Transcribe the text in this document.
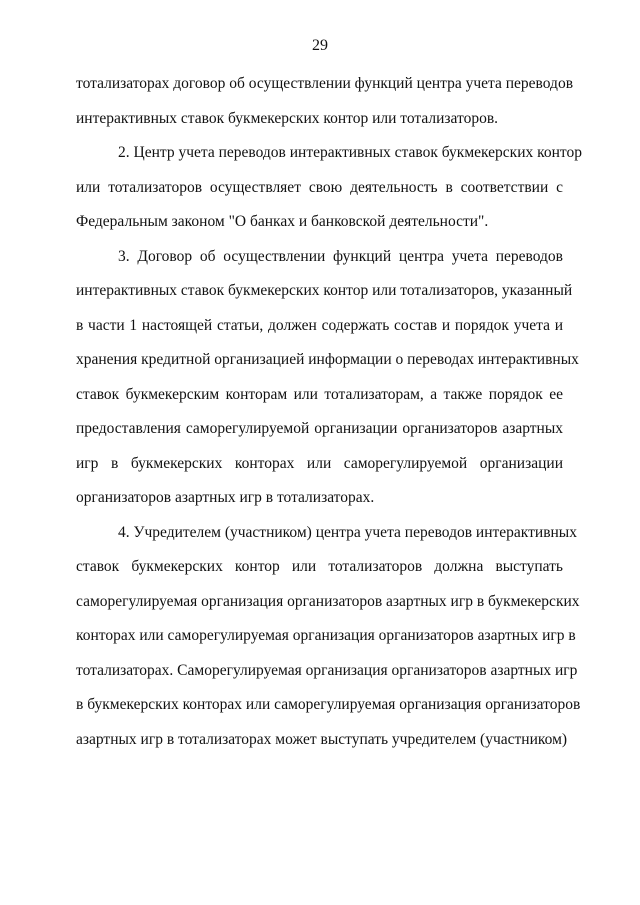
29
тотализаторах договор об осуществлении функций центра учета переводов
интерактивных ставок букмекерских контор или тотализаторов.
2. Центр учета переводов интерактивных ставок букмекерских контор
или тотализаторов осуществляет свою деятельность в соответствии с
Федеральным законом "О банках и банковской деятельности".
3. Договор об осуществлении функций центра учета переводов
интерактивных ставок букмекерских контор или тотализаторов, указанный
в части 1 настоящей статьи, должен содержать состав и порядок учета и
хранения кредитной организацией информации о переводах интерактивных
ставок букмекерским конторам или тотализаторам, а также порядок ее
предоставления саморегулируемой организации организаторов азартных
игр в букмекерских конторах или саморегулируемой организации
организаторов азартных игр в тотализаторах.
4. Учредителем (участником) центра учета переводов интерактивных
ставок букмекерских контор или тотализаторов должна выступать
саморегулируемая организация организаторов азартных игр в букмекерских
конторах или саморегулируемая организация организаторов азартных игр в
тотализаторах. Саморегулируемая организация организаторов азартных игр
в букмекерских конторах или саморегулируемая организация организаторов
азартных игр в тотализаторах может выступать учредителем (участником)
